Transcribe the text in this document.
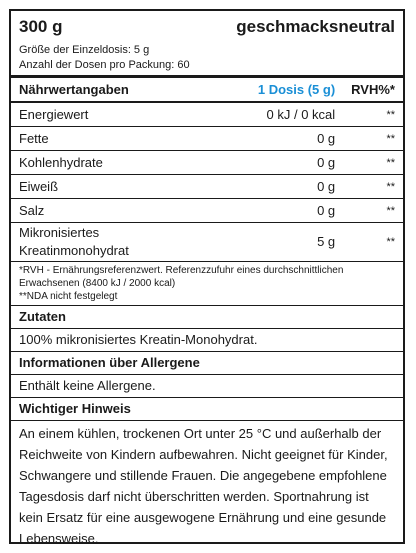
300 g	geschmacksneutral
Größe der Einzeldosis: 5 g
Anzahl der Dosen pro Packung: 60
Nährwertangaben	1 Dosis (5 g)	RVH%*
Energiewert	0 kJ / 0 kcal	**
Fette	0 g	**
Kohlenhydrate	0 g	**
Eiweiß	0 g	**
Salz	0 g	**

Mikronisiertes
Kreatinmonohydrat	5 g	**
*RVH - Ernährungsreferenzwert. Referenzzufuhr eines durchschnittlichen Erwachsenen (8400 kJ / 2000 kcal)
**NDA nicht festgelegt
Zutaten
100% mikronisiertes Kreatin-Monohydrat.
Informationen über Allergene
Enthält keine Allergene.
Wichtiger Hinweis
An einem kühlen, trockenen Ort unter 25 °C und außerhalb der Reichweite von Kindern aufbewahren. Nicht geeignet für Kinder, Schwangere und stillende Frauen. Die angegebene empfohlene Tagesdosis darf nicht überschritten werden. Sportnahrung ist kein Ersatz für eine ausgewogene Ernährung und eine gesunde Lebensweise.
